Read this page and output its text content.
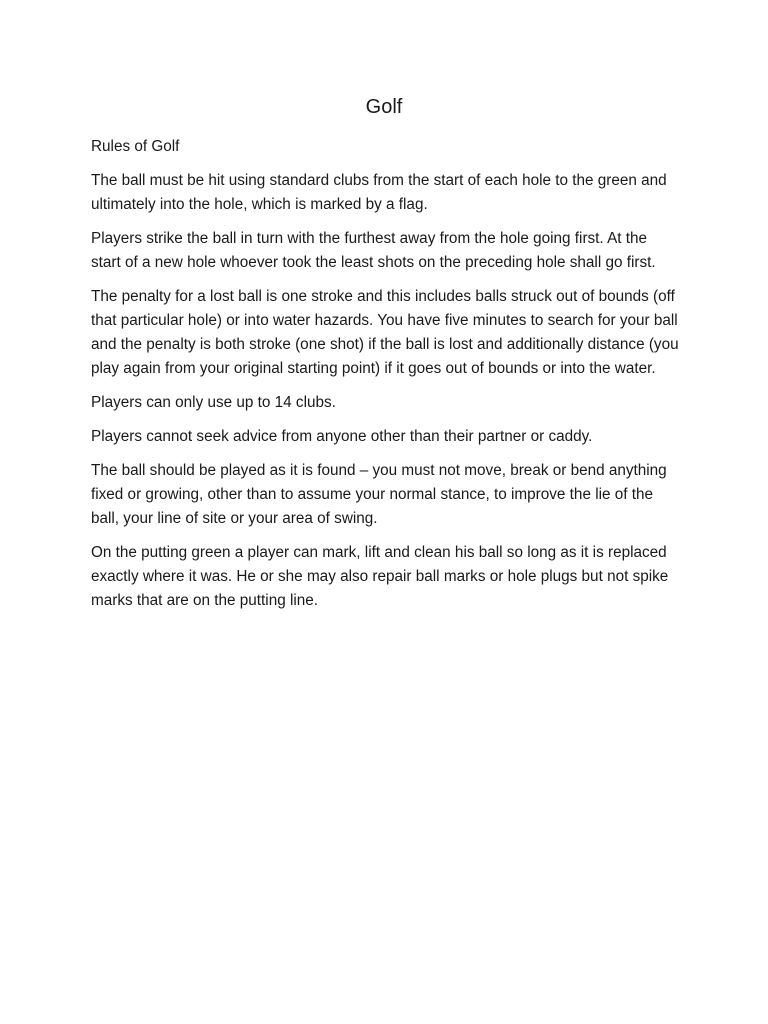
Golf

Rules of Golf

The ball must be hit using standard clubs from the start of each hole to the green and ultimately into the hole, which is marked by a flag.

Players strike the ball in turn with the furthest away from the hole going first. At the start of a new hole whoever took the least shots on the preceding hole shall go first.

The penalty for a lost ball is one stroke and this includes balls struck out of bounds (off that particular hole) or into water hazards. You have five minutes to search for your ball and the penalty is both stroke (one shot) if the ball is lost and additionally distance (you play again from your original starting point) if it goes out of bounds or into the water.

Players can only use up to 14 clubs.

Players cannot seek advice from anyone other than their partner or caddy.

The ball should be played as it is found – you must not move, break or bend anything fixed or growing, other than to assume your normal stance, to improve the lie of the ball, your line of site or your area of swing.

On the putting green a player can mark, lift and clean his ball so long as it is replaced exactly where it was. He or she may also repair ball marks or hole plugs but not spike marks that are on the putting line.
